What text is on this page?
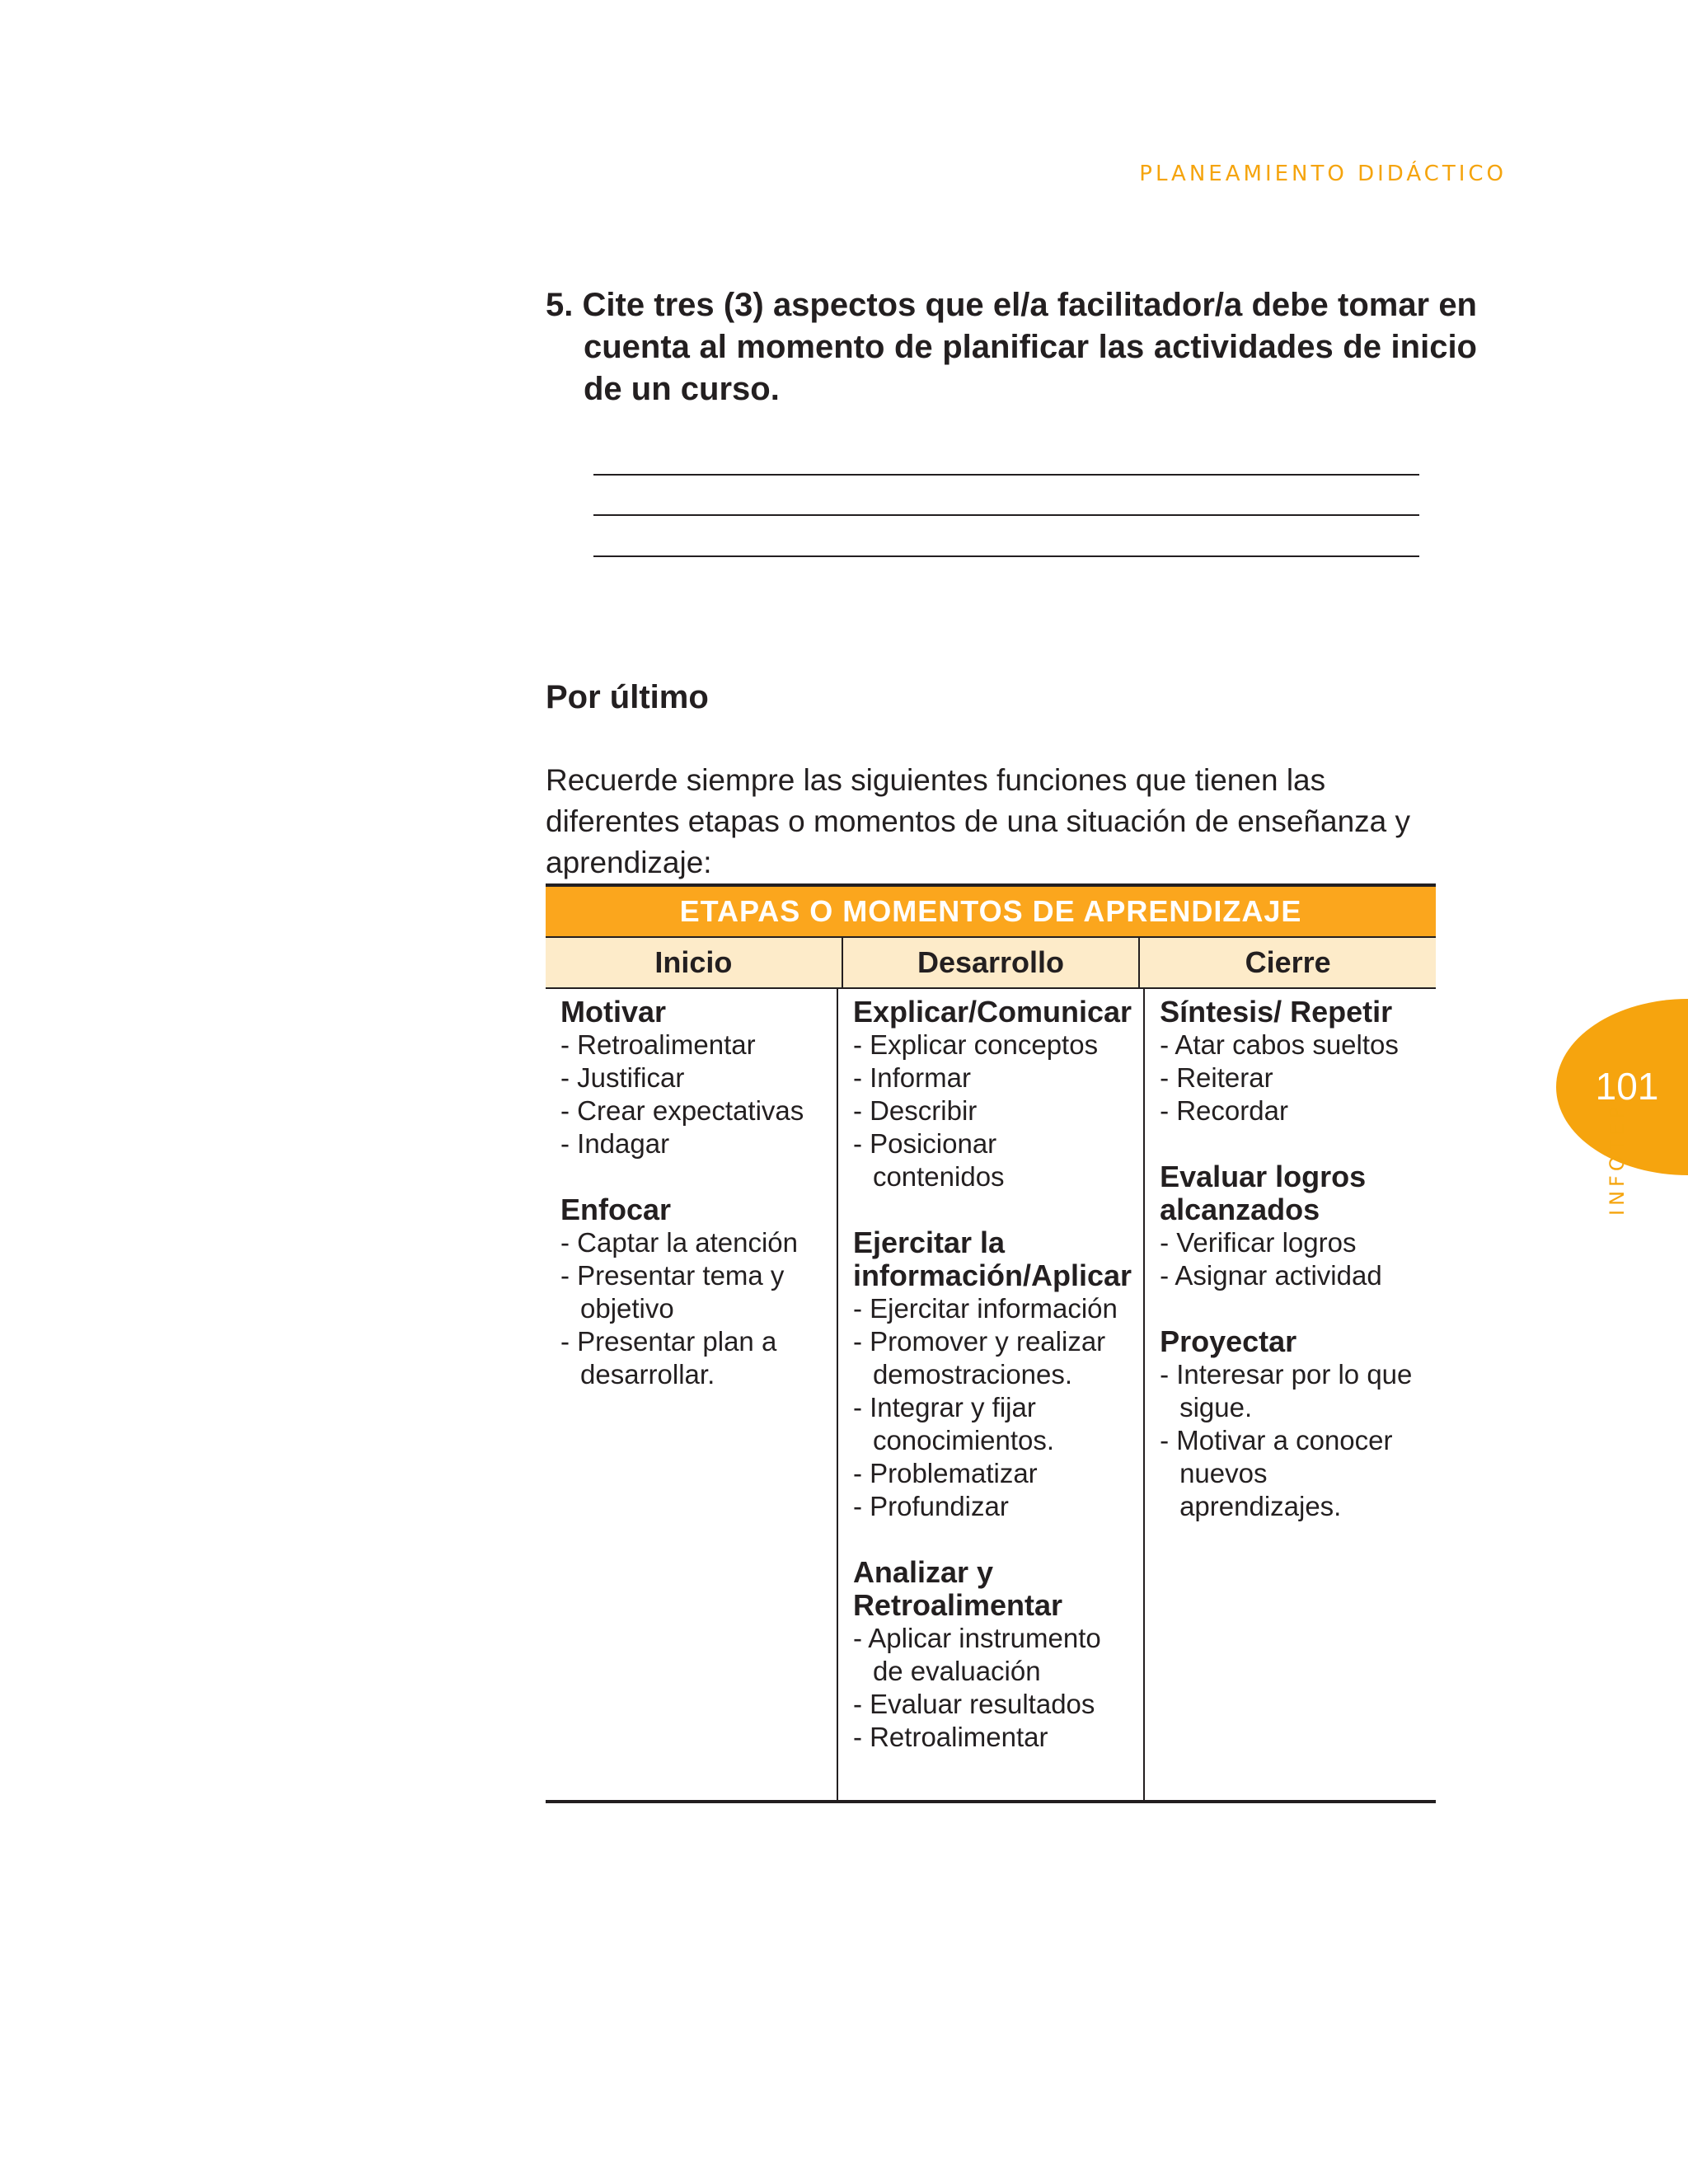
PLANEAMIENTO DIDÁCTICO
5. Cite tres (3) aspectos que el/a facilitador/a debe tomar en cuenta al momento de planificar las actividades de inicio de un curso.
Por último
Recuerde siempre las siguientes funciones que tienen las diferentes etapas o momentos de una situación de enseñanza y aprendizaje:
ETAPAS O MOMENTOS DE APRENDIZAJE
Inicio	Desarrollo	Cierre
Motivar
- Retroalimentar
- Justificar
- Crear expectativas
- Indagar
Enfocar
- Captar la atención
- Presentar tema y objetivo
- Presentar plan a desarrollar.
Explicar/Comunicar
- Explicar conceptos
- Informar
- Describir
- Posicionar contenidos
Ejercitar la información/Aplicar
- Ejercitar información
- Promover y realizar demostraciones.
- Integrar y fijar conocimientos.
- Problematizar
- Profundizar
Analizar y Retroalimentar
- Aplicar instrumento de evaluación
- Evaluar resultados
- Retroalimentar
Síntesis/ Repetir
- Atar cabos sueltos
- Reiterar
- Recordar
Evaluar logros alcanzados
- Verificar logros
- Asignar actividad
Proyectar
- Interesar por lo que sigue.
- Motivar a conocer nuevos aprendizajes.
101
INFOTEP
